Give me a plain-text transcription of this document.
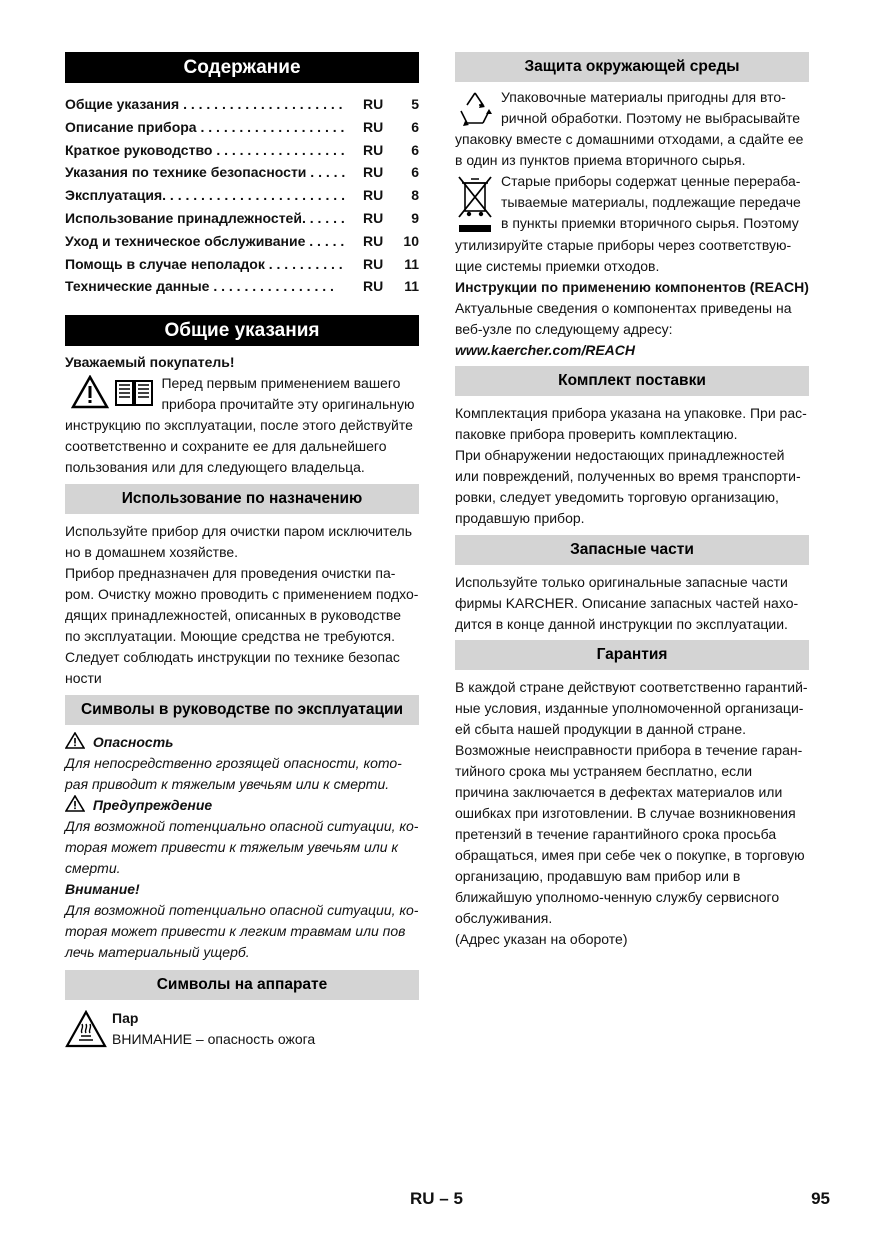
Содержание
Общие указания . . . . . . . . . . . . . . . . . . . . .	RU	5
Описание прибора . . . . . . . . . . . . . . . . . . .	RU	6
Краткое руководство . . . . . . . . . . . . . . . . .	RU	6
Указания по технике безопасности . . . . .	RU	6
Эксплуатация. . . . . . . . . . . . . . . . . . . . . . . .	RU	8
Использование принадлежностей. . . . . .	RU	9
Уход и техническое обслуживание . . . . .	RU	10
Помощь в случае неполадок . . . . . . . . . .	RU	11
Технические данные . . . . . . . . . . . . . . . .	RU	11
Общие указания

Уважаемый покупатель!

Перед первым применением вашего

прибора прочитайте эту оригинальную

инструкцию по эксплуатации, после этого действуйте соответственно и сохраните ее для дальнейшего пользования или для следующего владельца.

Использование по назначению

Используйте прибор для очистки паром исключитель но в домашнем хозяйстве.

Прибор предназначен для проведения очистки па-ром. Очистку можно проводить с применением подхо-дящих принадлежностей, описанных в руководстве по эксплуатации. Моющие средства не требуются. Следует соблюдать инструкции по технике безопас ности

Символы в руководстве по эксплуатации
Опасность

Для непосредственно грозящей опасности, кото-рая приводит к тяжелым увечьям или к смерти.

Предупреждение

Для возможной потенциально опасной ситуации, ко-торая может привести к тяжелым увечьям или к смерти.

Внимание!

Для возможной потенциально опасной ситуации, ко-торая может привести к легким травмам или пов лечь материальный ущерб.

Символы на аппарате

Пар

ВНИМАНИЕ – опасность ожога

Защита окружающей среды

Упаковочные материалы пригодны для вто-

ричной обработки. Поэтому не выбрасывайте

упаковку вместе с домашними отходами, а сдайте ее в один из пунктов приема вторичного сырья.

Старые приборы содержат ценные перераба-

тываемые материалы, подлежащие передаче

в пункты приемки вторичного сырья. Поэтому

утилизируйте старые приборы через соответствую-щие системы приемки отходов.

Инструкции по применению компонентов (REACH)

Актуальные сведения о компонентах приведены на веб-узле по следующему адресу:

www.kaercher.com/REACH

Комплект поставки

Комплектация прибора указана на упаковке. При рас-паковке прибора проверить комплектацию.

При обнаружении недостающих принадлежностей или повреждений, полученных во время транспорти-ровки, следует уведомить торговую организацию, продавшую прибор.

Запасные части

Используйте только оригинальные запасные части фирмы KARCHER. Описание запасных частей нахо-дится в конце данной инструкции по эксплуатации.

Гарантия

В каждой стране действуют соответственно гарантий-ные условия, изданные уполномоченной организаци-ей сбыта нашей продукции в данной стране. Возможные неисправности прибора в течение гаран-тийного срока мы устраняем бесплатно, если причина заключается в дефектах материалов или ошибках при изготовлении. В случае возникновения претензий в течение гарантийного срока просьба обращаться, имея при себе чек о покупке, в торговую организацию, продавшую вам прибор или в ближайшую уполномо-ченную службу сервисного обслуживания.

(Адрес указан на обороте)

RU – 5	95
